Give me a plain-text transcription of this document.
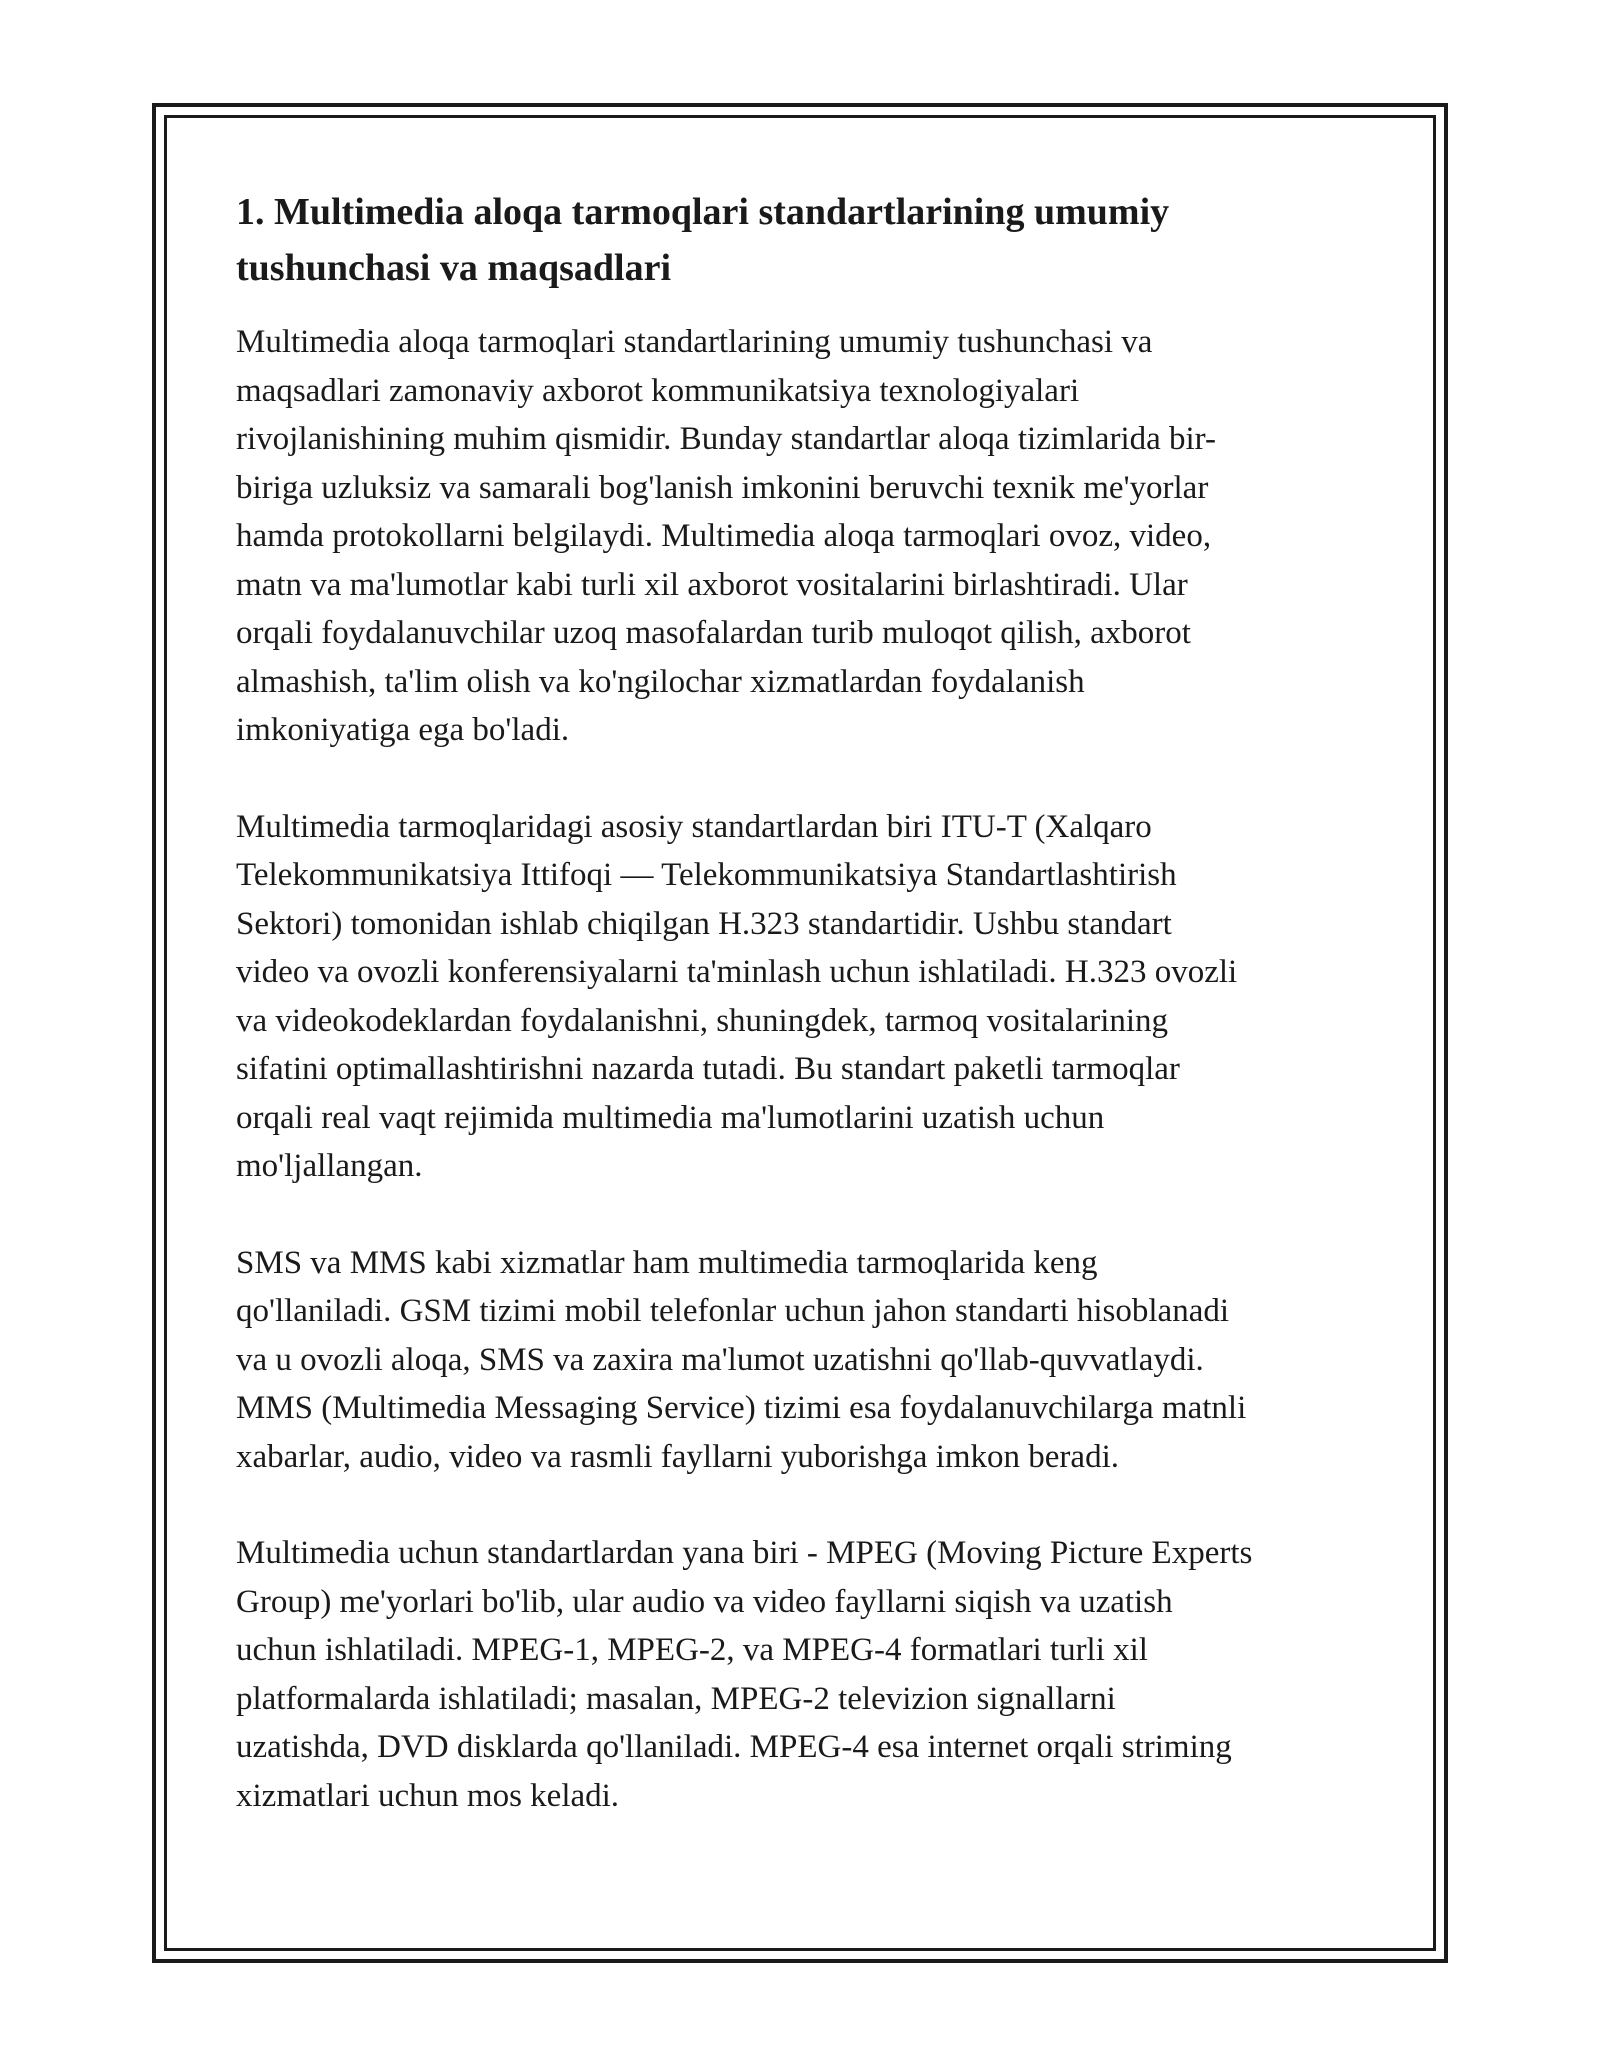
1. Multimedia aloqa tarmoqlari standartlarining umumiy
tushunchasi va maqsadlari

Multimedia aloqa tarmoqlari standartlarining umumiy tushunchasi va
maqsadlari zamonaviy axborot kommunikatsiya texnologiyalari
rivojlanishining muhim qismidir. Bunday standartlar aloqa tizimlarida bir-
biriga uzluksiz va samarali bog'lanish imkonini beruvchi texnik me'yorlar
hamda protokollarni belgilaydi. Multimedia aloqa tarmoqlari ovoz, video,
matn va ma'lumotlar kabi turli xil axborot vositalarini birlashtiradi. Ular
orqali foydalanuvchilar uzoq masofalardan turib muloqot qilish, axborot
almashish, ta'lim olish va ko'ngilochar xizmatlardan foydalanish
imkoniyatiga ega bo'ladi.

Multimedia tarmoqlaridagi asosiy standartlardan biri ITU-T (Xalqaro
Telekommunikatsiya Ittifoqi — Telekommunikatsiya Standartlashtirish
Sektori) tomonidan ishlab chiqilgan H.323 standartidir. Ushbu standart
video va ovozli konferensiyalarni ta'minlash uchun ishlatiladi. H.323 ovozli
va videokodeklardan foydalanishni, shuningdek, tarmoq vositalarining
sifatini optimallashtirishni nazarda tutadi. Bu standart paketli tarmoqlar
orqali real vaqt rejimida multimedia ma'lumotlarini uzatish uchun
mo'ljallangan.

SMS va MMS kabi xizmatlar ham multimedia tarmoqlarida keng
qo'llaniladi. GSM tizimi mobil telefonlar uchun jahon standarti hisoblanadi
va u ovozli aloqa, SMS va zaxira ma'lumot uzatishni qo'llab-quvvatlaydi.
MMS (Multimedia Messaging Service) tizimi esa foydalanuvchilarga matnli
xabarlar, audio, video va rasmli fayllarni yuborishga imkon beradi.

Multimedia uchun standartlardan yana biri - MPEG (Moving Picture Experts
Group) me'yorlari bo'lib, ular audio va video fayllarni siqish va uzatish
uchun ishlatiladi. MPEG-1, MPEG-2, va MPEG-4 formatlari turli xil
platformalarda ishlatiladi; masalan, MPEG-2 televizion signallarni
uzatishda, DVD disklarda qo'llaniladi. MPEG-4 esa internet orqali striming
xizmatlari uchun mos keladi.
